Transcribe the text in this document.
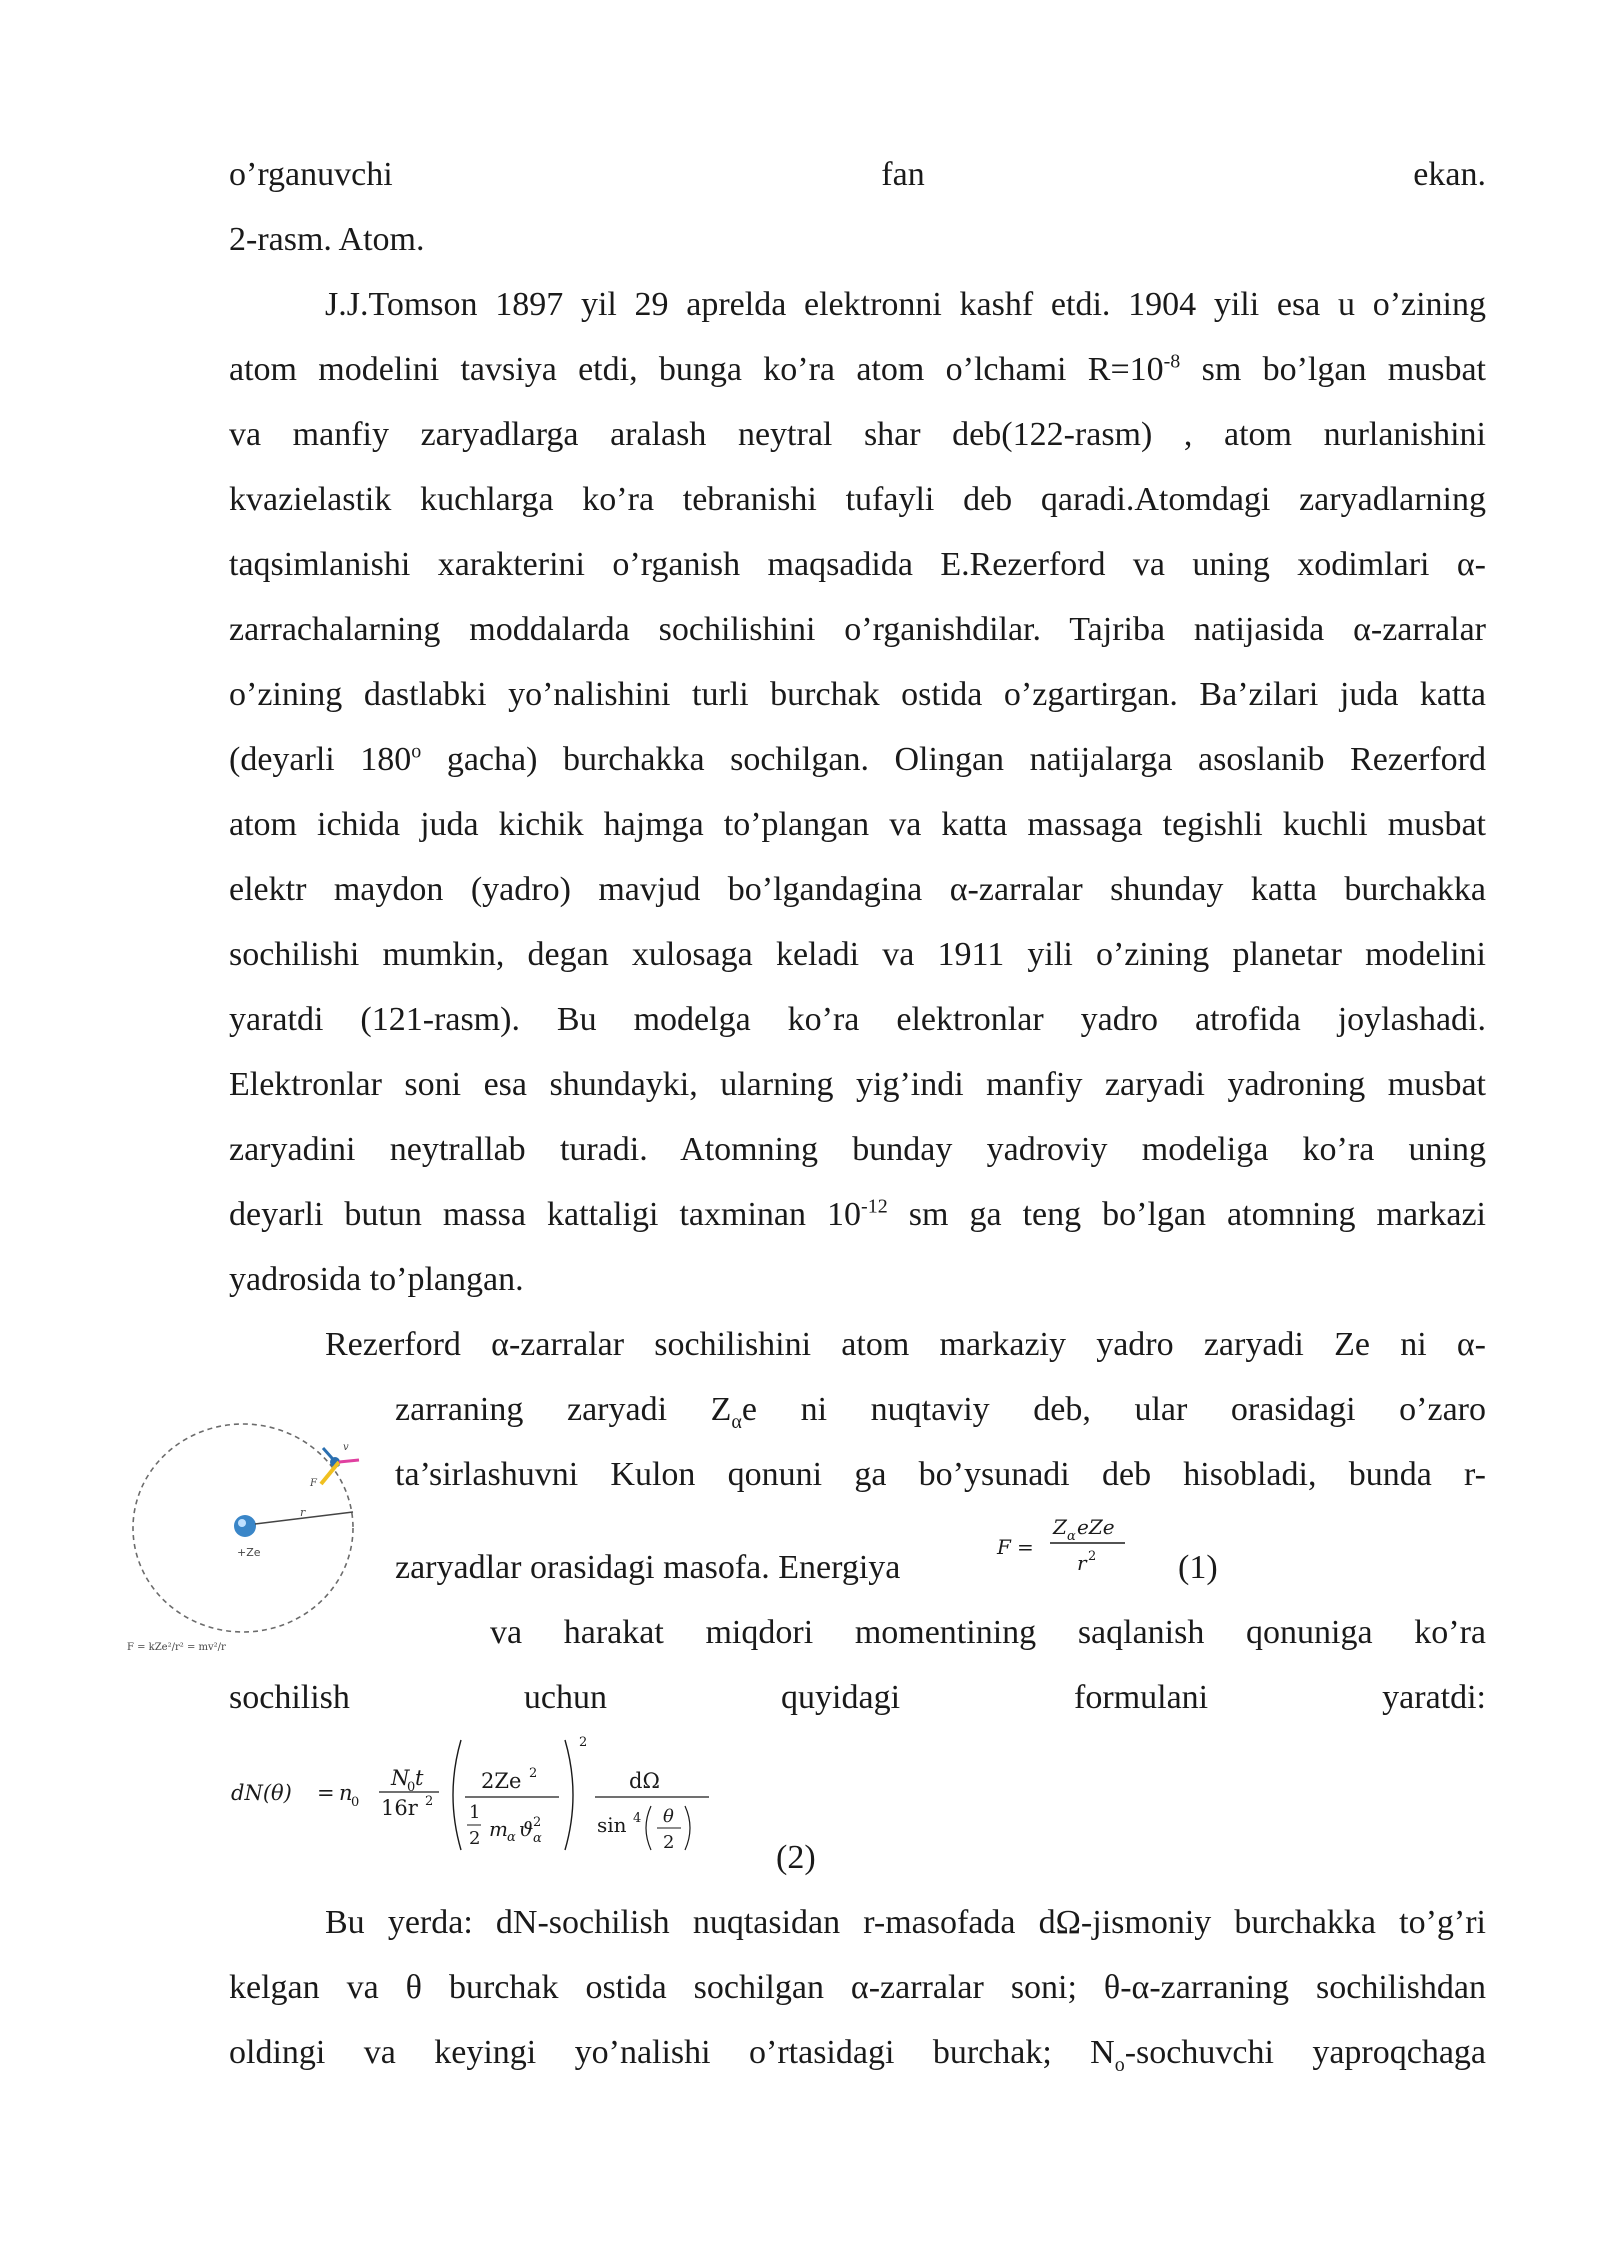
o’rganuvchi fan ekan.
2-rasm. Atom.
J.J.Tomson 1897 yil 29 aprelda elektronni kashf etdi. 1904 yili esa u o’zining
atom modelini tavsiya etdi, bunga ko’ra atom o’lchami $R=10^{-8}$ sm bo’lgan musbat
va manfiy zaryadlarga aralash neytral shar deb(122-rasm) , atom nurlanishini
kvazielastik kuchlarga ko’ra tebranishi tufayli deb qaradi.Atomdagi zaryadlarning
taqsimlanishi xarakterini o’rganish maqsadida E.Rezerford va uning xodimlari α-
zarrachalarning moddalarda sochilishini o’rganishdilar. Tajriba natijasida α-zarralar
o’zining dastlabki yo’nalishini turli burchak ostida o’zgartirgan. Ba’zilari juda katta
(deyarli 180$^o$ gacha) burchakka sochilgan. Olingan natijalarga asoslanib Rezerford
atom ichida juda kichik hajmga to’plangan va katta massaga tegishli kuchli musbat
elektr maydon (yadro) mavjud bo’lgandagina α-zarralar shunday katta burchakka
sochilishi mumkin, degan xulosaga keladi va 1911 yili o’zining planetar modelini
yaratdi (121-rasm). Bu modelga ko’ra elektronlar yadro atrofida joylashadi.
Elektronlar soni esa shundayki, ularning yig’indi manfiy zaryadi yadroning musbat
zaryadini neytrallab turadi. Atomning bunday yadroviy modeliga ko’ra uning
deyarli butun massa kattaligi taxminan $10^{-12}$ sm ga teng bo’lgan atomning markazi
yadrosida to’plangan.
Rezerford α-zarralar sochilishini atom markaziy yadro zaryadi Ze ni α-
zarraning zaryadi $Z_\alpha e$ ni nuqtaviy deb, ular orasidagi o’zaro
ta’sirlashuvni Kulon qonuni ga bo’ysunadi deb hisobladi, bunda r-
zaryadlar orasidagi masofa. Energiya
F =
Z α eZe
r 2 (1)
va harakat miqdori momentining saqlanish qonuniga ko’ra
sochilish uchun quyidagi formulani yaratdi:
dN(θ) = n
0
N
0 t
16r 2
2Ze 2
1
2 m α ϑ 2
α
2
dΩ
sin 4 θ
2	(2)
Bu yerda: dN-sochilish nuqtasidan r-masofada dΩ-jismoniy burchakka to’g’ri
kelgan va θ burchak ostida sochilgan α-zarralar soni; θ-α-zarraning sochilishdan
oldingi va keyingi yo’nalishi o’rtasidagi burchak; $N_o$-sochuvchi yaproqchaga
+Ze
r
v
F
F = kZe²/r² = mv²/r
